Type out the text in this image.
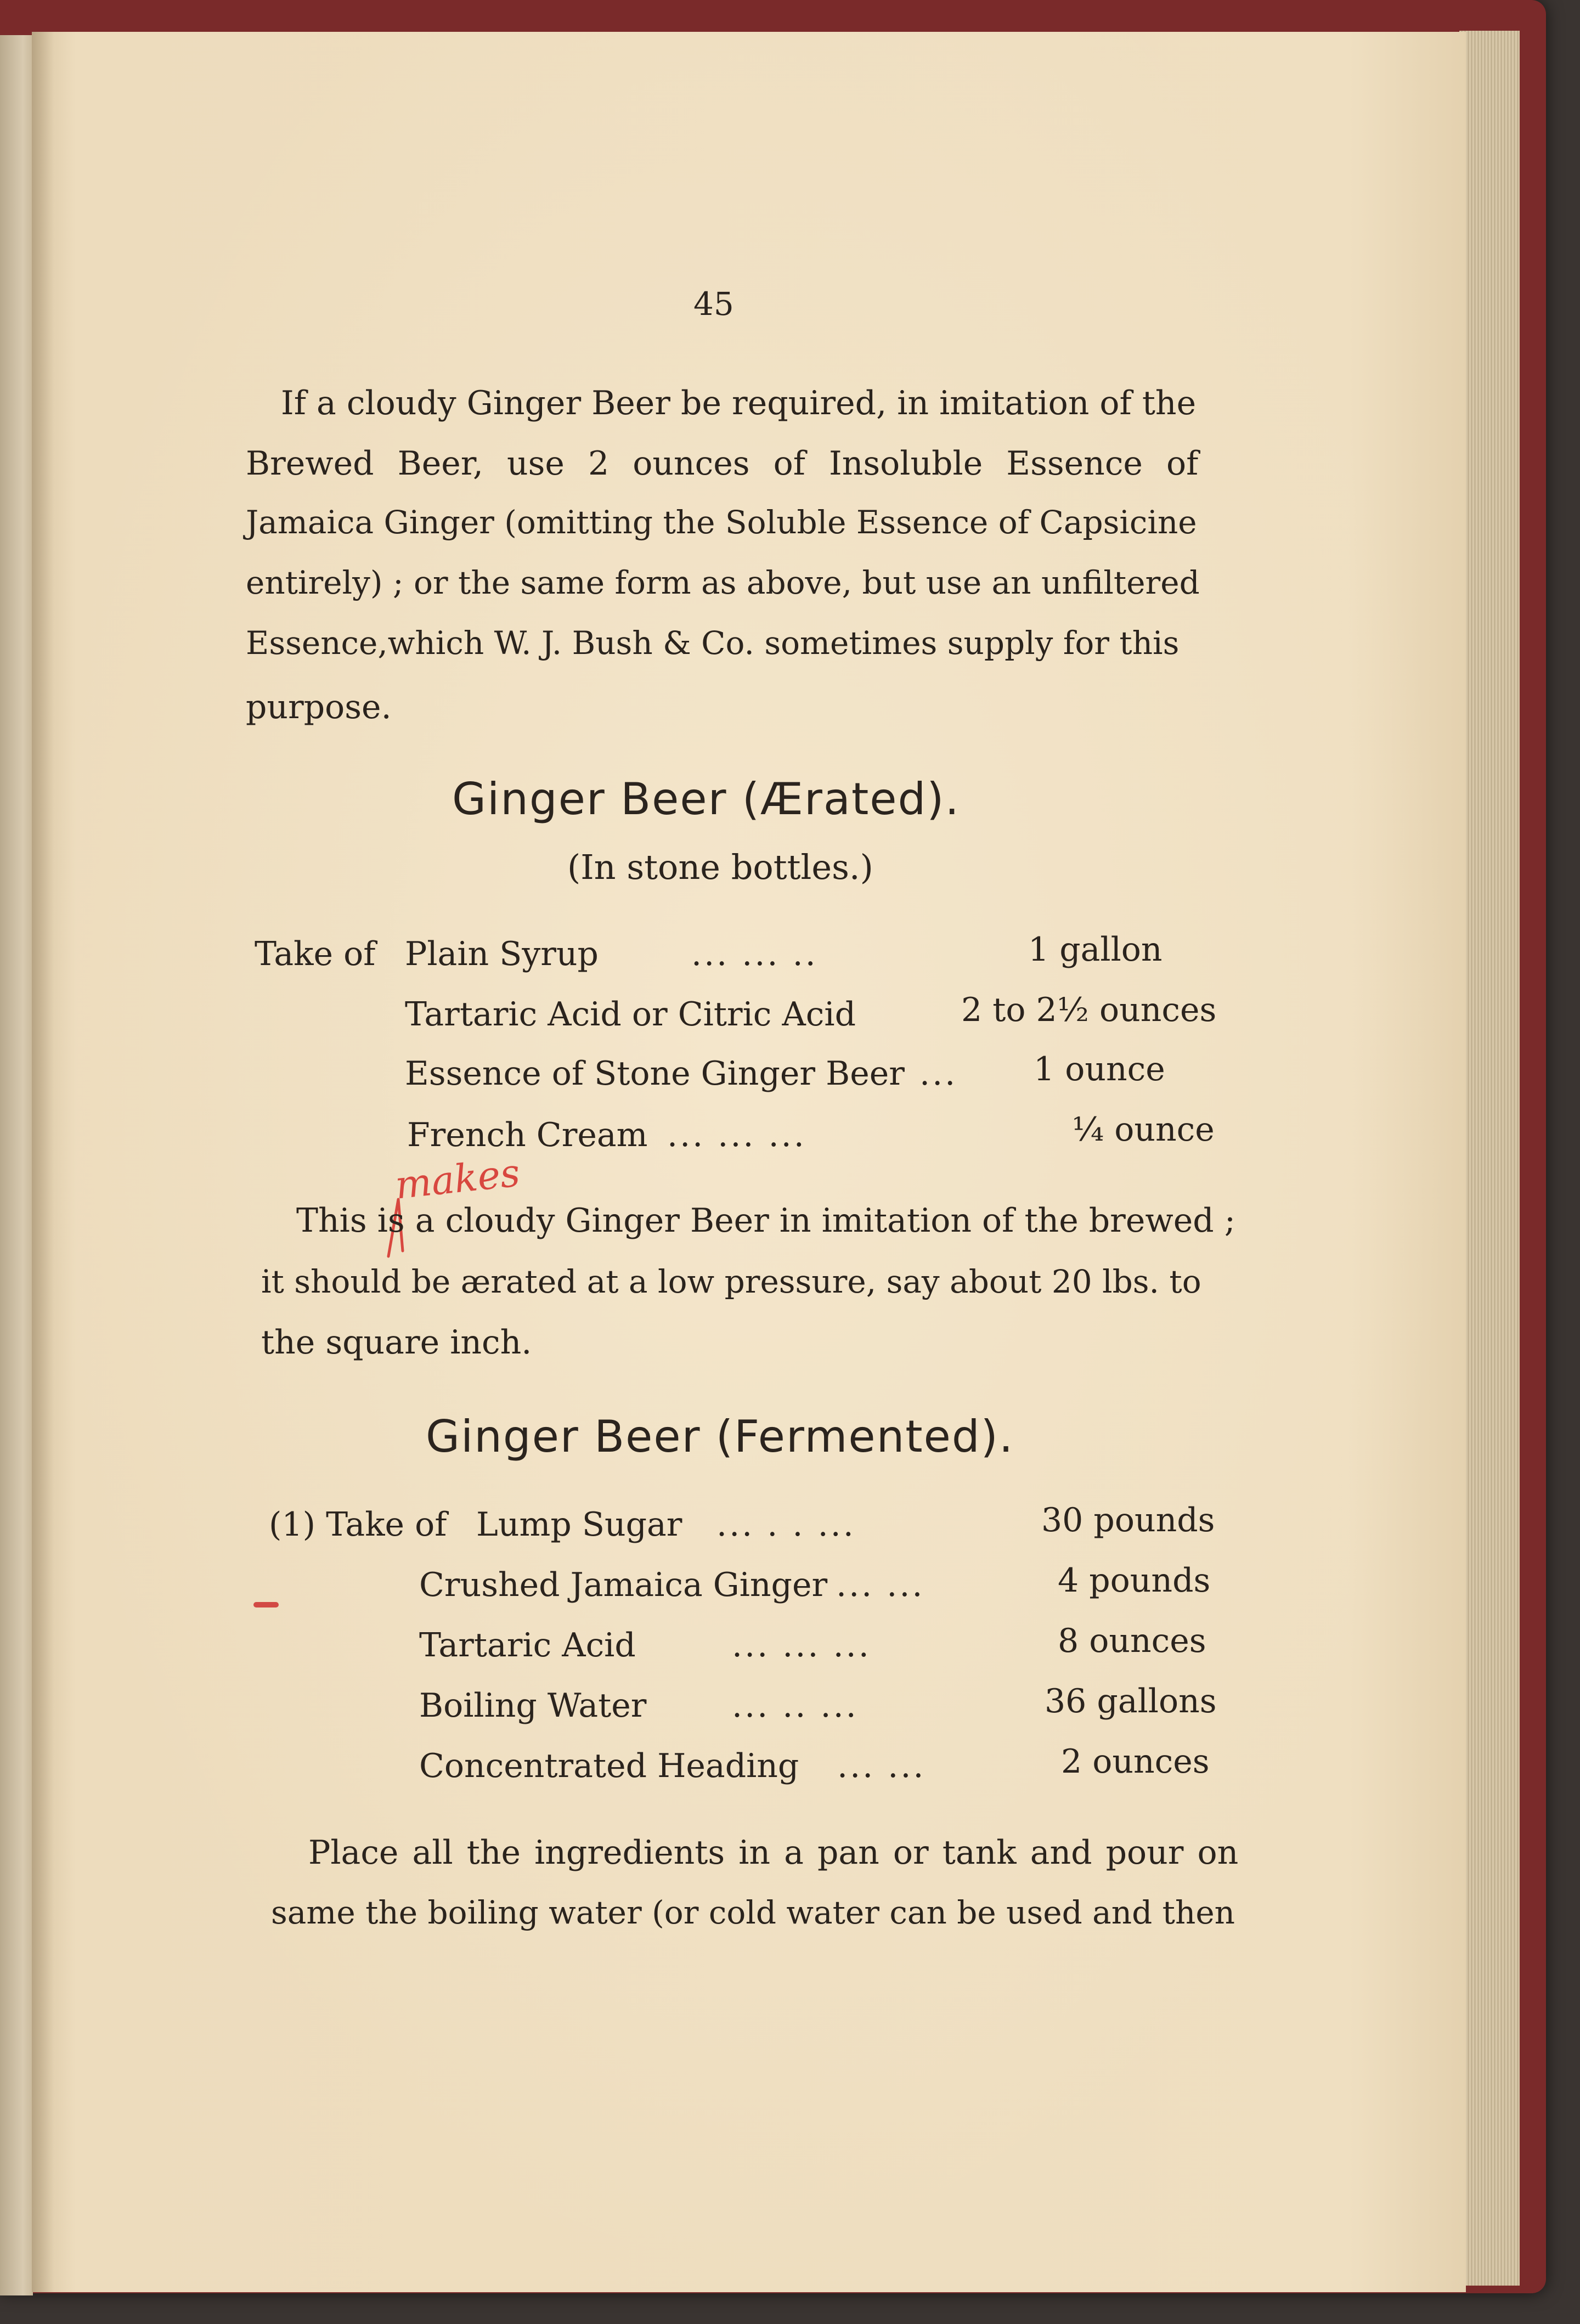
45
If a cloudy Ginger Beer be required, in imitation of the
Brewed Beer, use 2 ounces of Insoluble Essence of
Jamaica Ginger (omitting the Soluble Essence of Capsicine
entirely) ; or the same form as above, but use an unfiltered
Essence,which W. J. Bush & Co. sometimes supply for this
purpose.
Ginger Beer (Ærated).
(In stone bottles.)
Take of Plain Syrup	... ... ..	1 gallon
Tartaric Acid or Citric Acid	2 to 2½ ounces
Essence of Stone Ginger Beer ... 1 ounce
French Cream ... ... ...	¼ ounce
makes
This is a cloudy Ginger Beer in imitation of the brewed ;
it should be ærated at a low pressure, say about 20 lbs. to
the square inch.
Ginger Beer (Fermented).
(1) Take of Lump Sugar ... . . ...	30 pounds
Crushed Jamaica Ginger ... ...	4 pounds
Tartaric Acid	... ... ...	8 ounces
Boiling Water	... .. ...	36 gallons
Concentrated Heading ... ...	2 ounces
Place all the ingredients in a pan or tank and pour on
same the boiling water (or cold water can be used and then
